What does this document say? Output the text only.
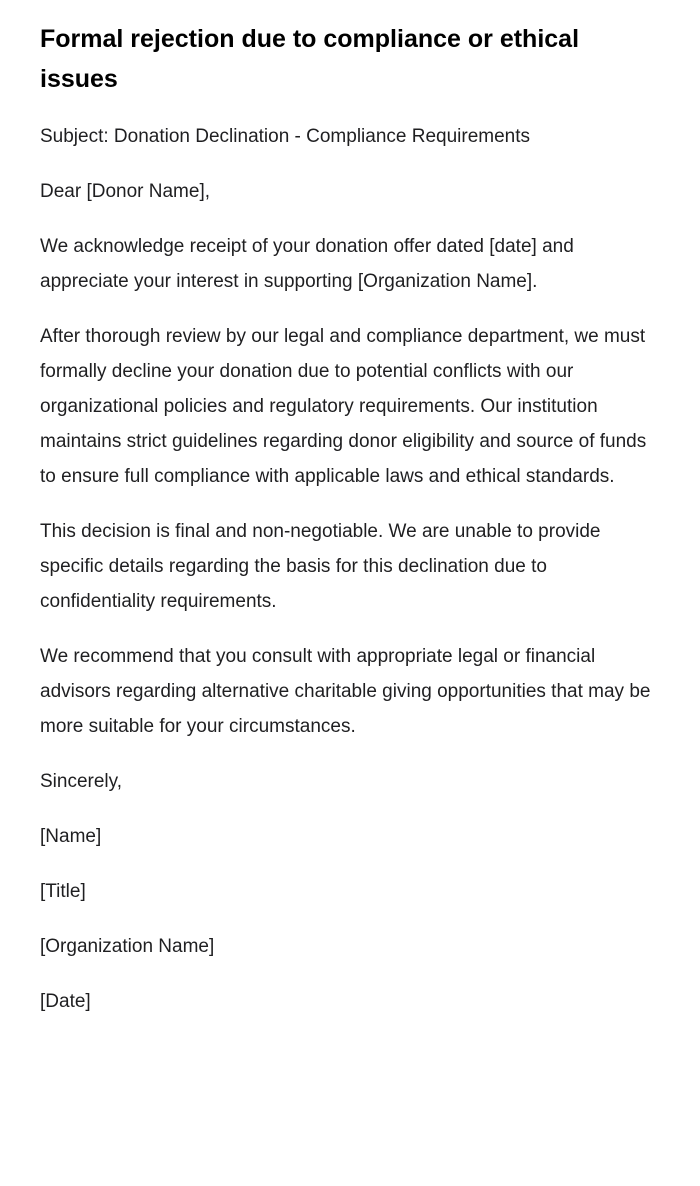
Formal rejection due to compliance or ethical issues

Subject: Donation Declination - Compliance Requirements

Dear [Donor Name],

We acknowledge receipt of your donation offer dated [date] and appreciate your interest in supporting [Organization Name].

After thorough review by our legal and compliance department, we must formally decline your donation due to potential conflicts with our organizational policies and regulatory requirements. Our institution maintains strict guidelines regarding donor eligibility and source of funds to ensure full compliance with applicable laws and ethical standards.

This decision is final and non-negotiable. We are unable to provide specific details regarding the basis for this declination due to confidentiality requirements.

We recommend that you consult with appropriate legal or financial advisors regarding alternative charitable giving opportunities that may be more suitable for your circumstances.

Sincerely,

[Name]

[Title]

[Organization Name]

[Date]
